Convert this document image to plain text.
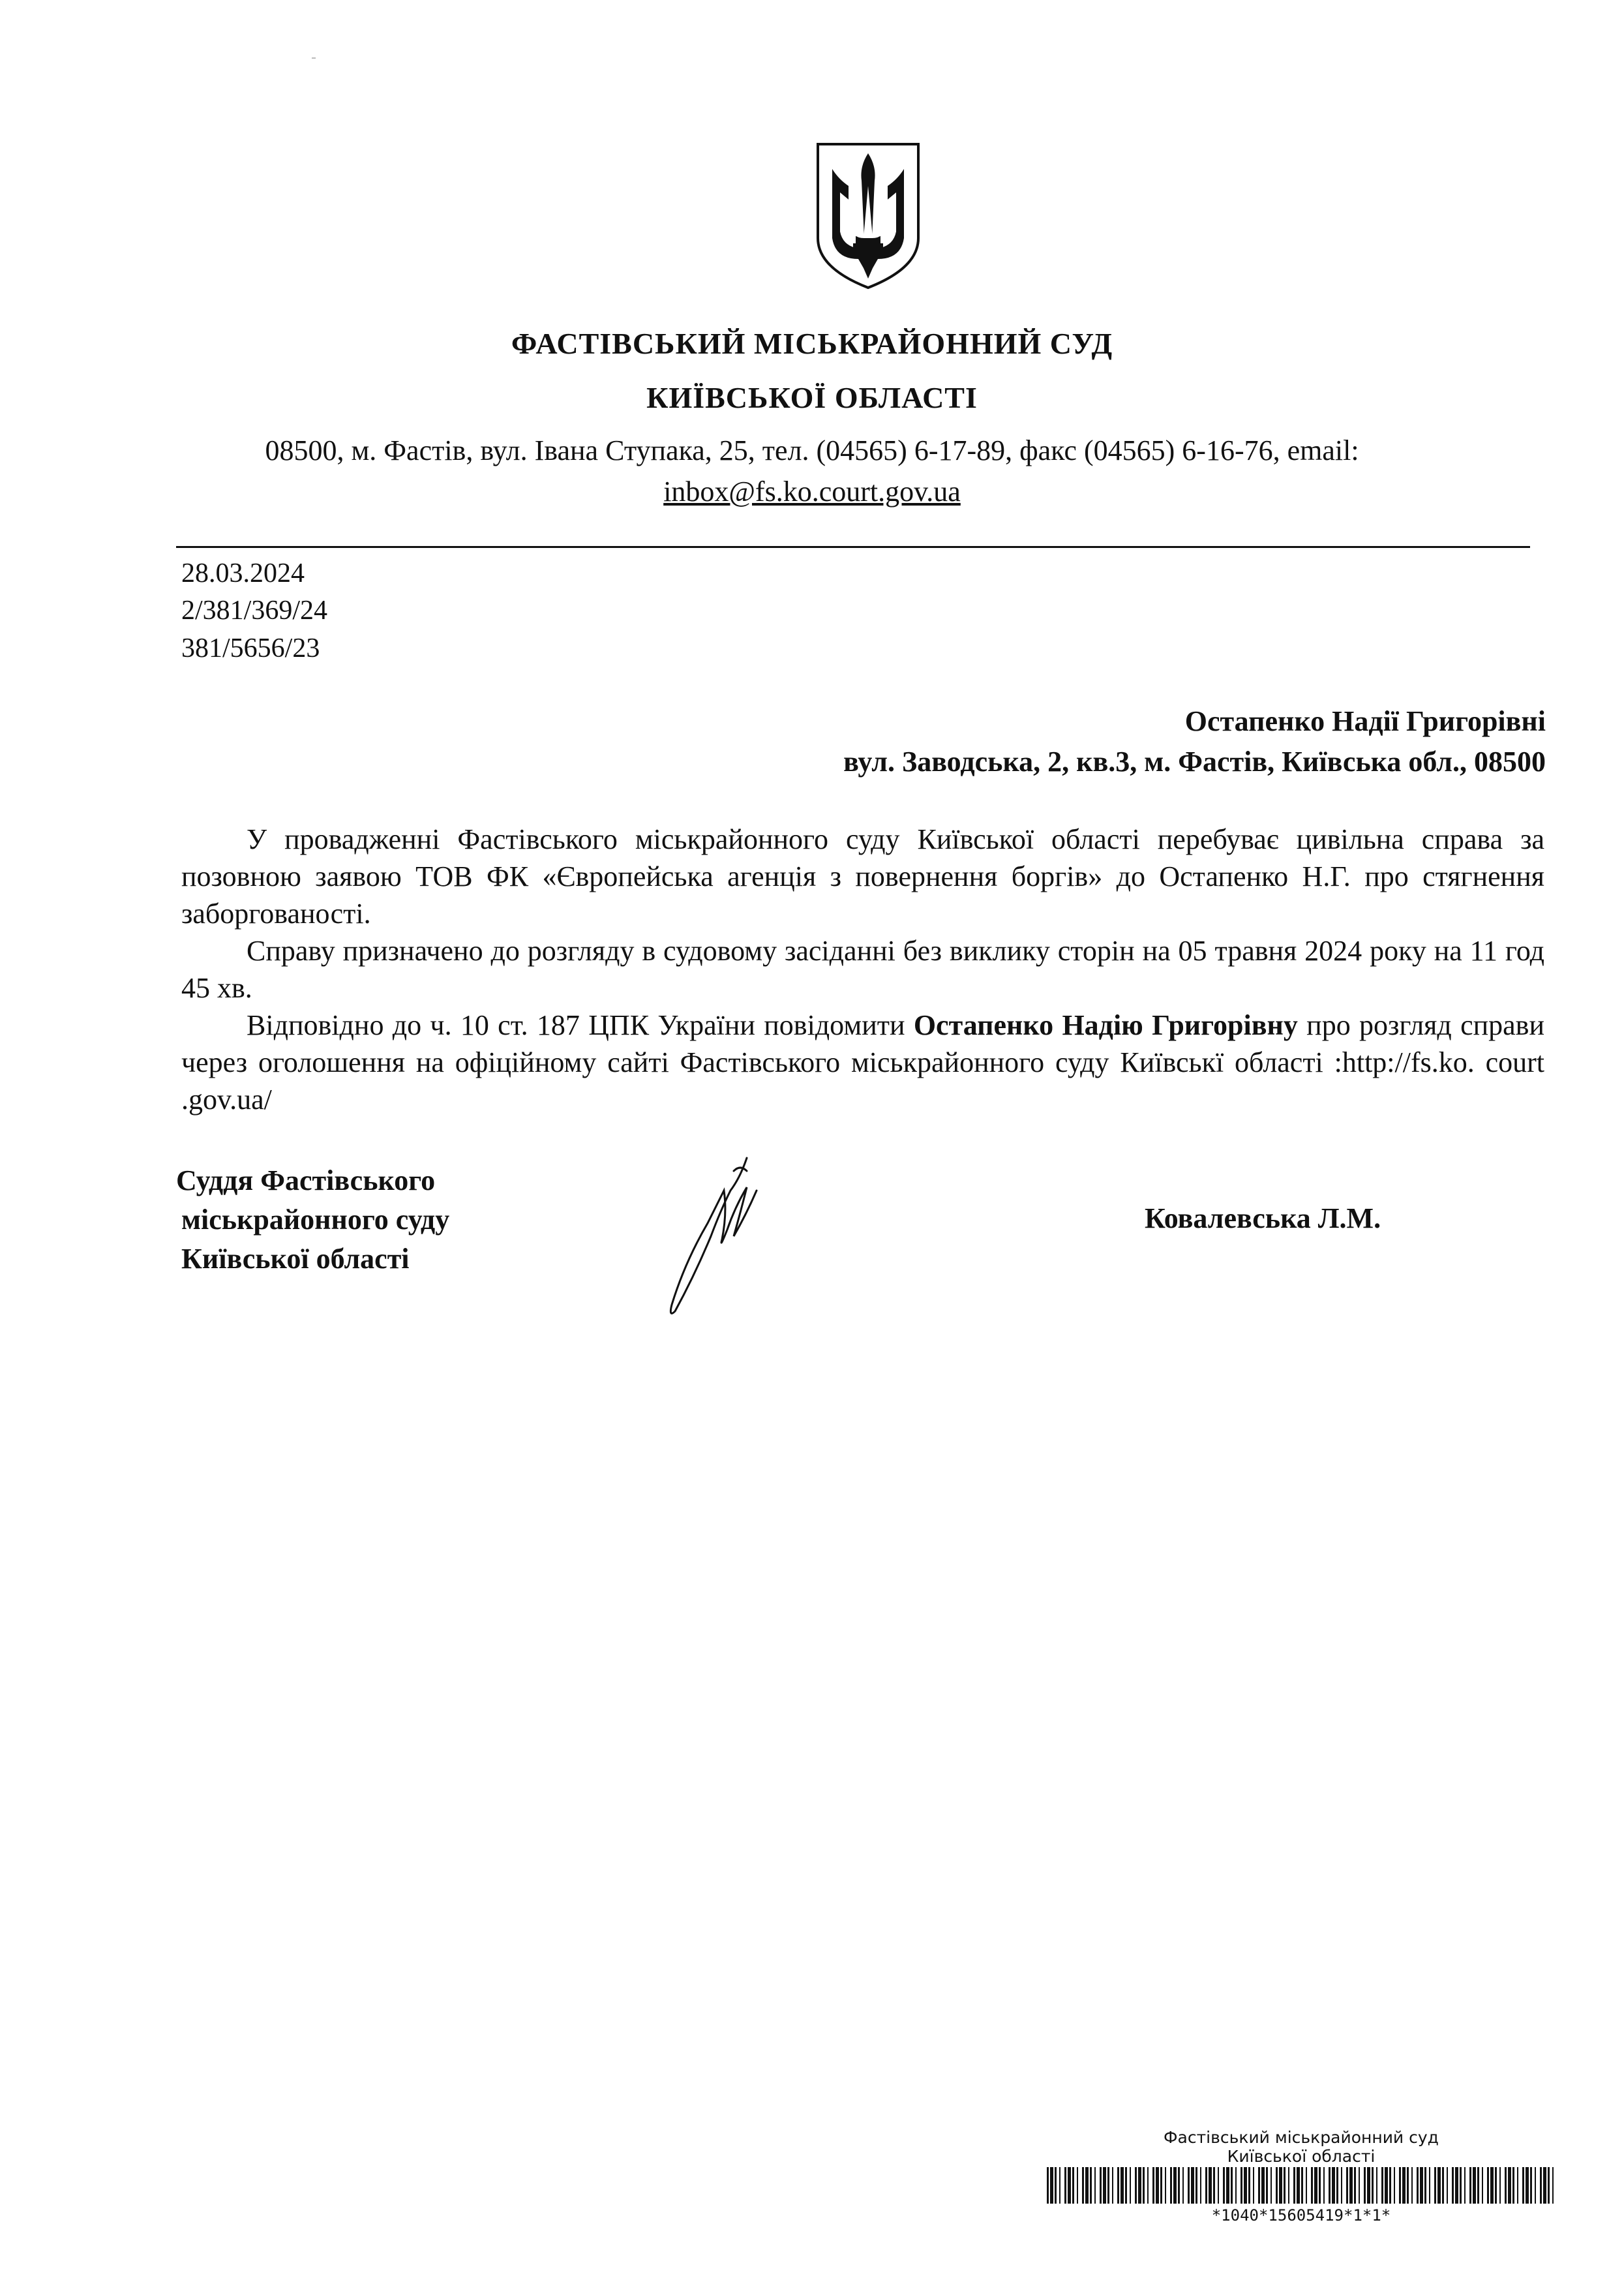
ФАСТІВСЬКИЙ МІСЬКРАЙОННИЙ СУД
КИЇВСЬКОЇ ОБЛАСТІ
08500, м. Фастів, вул. Івана Ступака, 25, тел. (04565) 6-17-89, факс (04565) 6-16-76, email:
inbox@fs.ko.court.gov.ua
28.03.2024
2/381/369/24
381/5656/23
Остапенко Надії Григорівні
вул. Заводська, 2, кв.3, м. Фастів, Київська обл., 08500

У провадженні Фастівського міськрайонного суду Київської області перебуває цивільна справа за позовною заявою ТОВ ФК «Європейська агенція з повернення боргів» до Остапенко Н.Г. про стягнення заборгованості.

Справу призначено до розгляду в судовому засіданні без виклику сторін на 05 травня 2024 року на 11 год 45 хв.

Відповідно до ч. 10 ст. 187 ЦПК України повідомити Остапенко Надію Григорівну про розгляд справи через оголошення на офіційному сайті Фастівського міськрайонного суду Київськї області :http://fs.ko. court .gov.ua/

Суддя Фастівського
міськрайонного суду
Київської області
Ковалевська Л.М.
Фастівський міськрайонний суд
Київської області
*1040*15605419*1*1*
